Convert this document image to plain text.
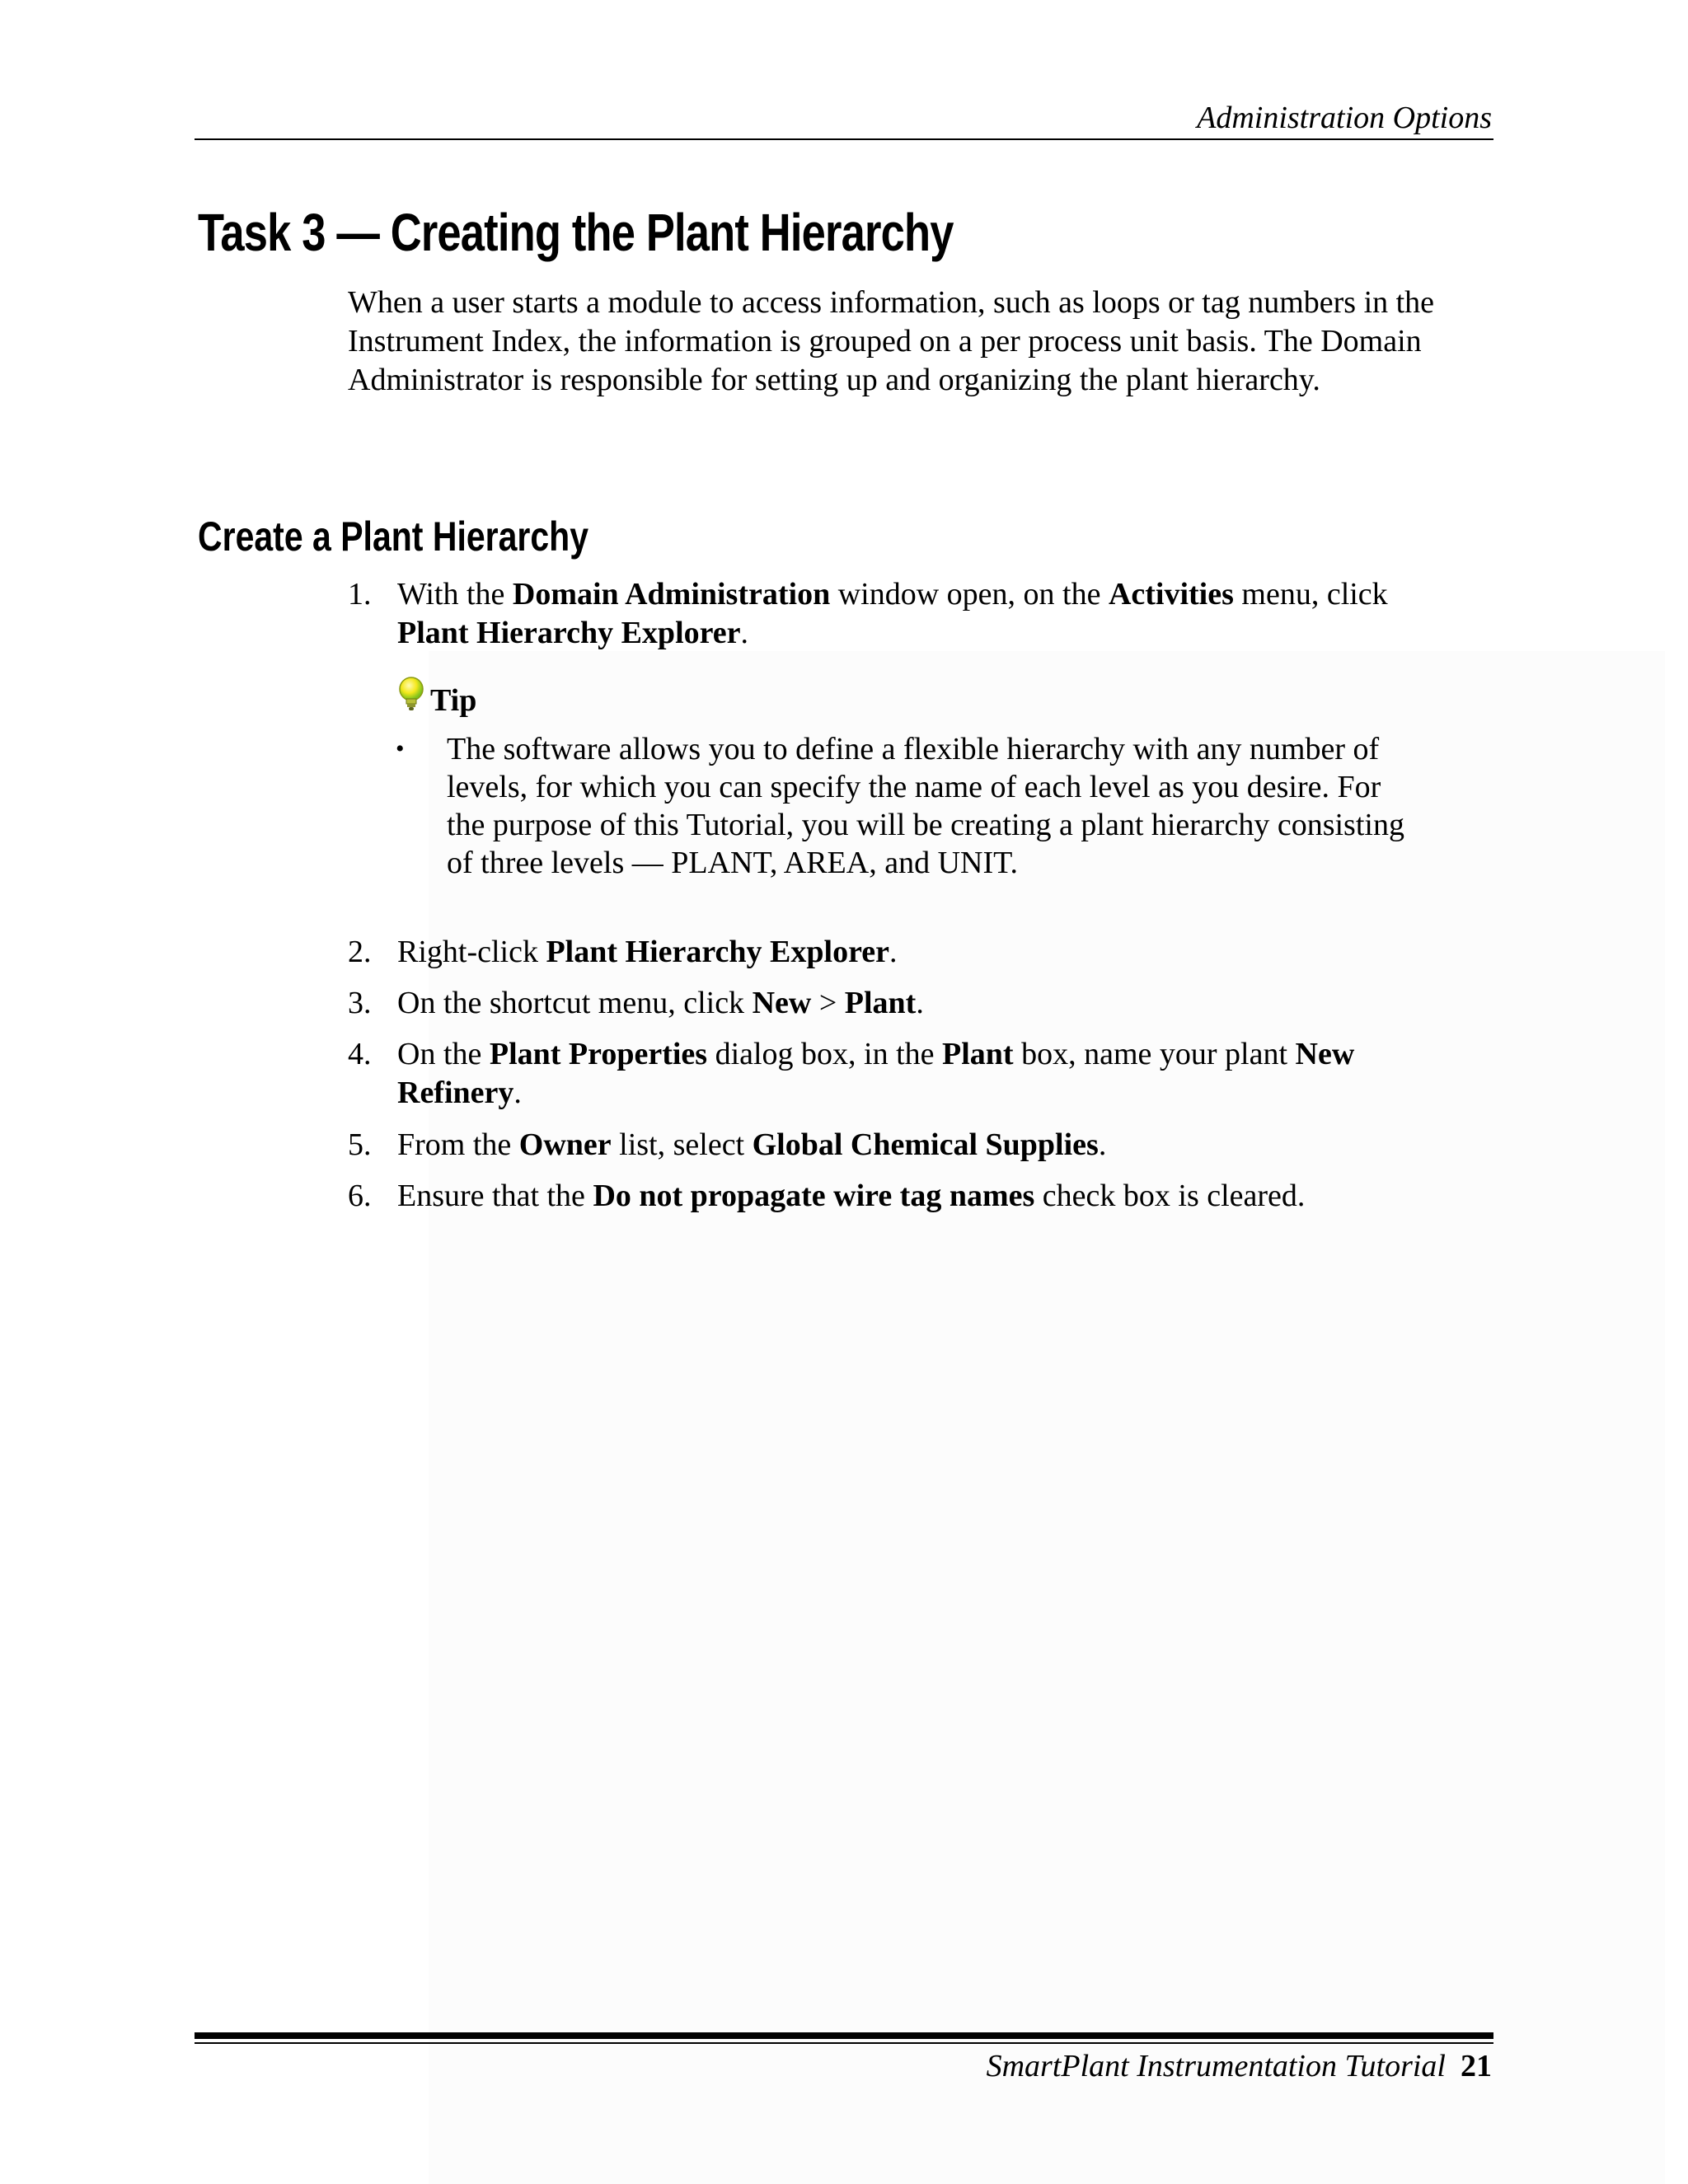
Administration Options
Task 3 — Creating the Plant Hierarchy
When a user starts a module to access information, such as loops or tag numbers in the Instrument Index, the information is grouped on a per process unit basis. The Domain Administrator is responsible for setting up and organizing the plant hierarchy.
Create a Plant Hierarchy
1. With the Domain Administration window open, on the Activities menu, click
Plant Hierarchy Explorer.
Tip
• The software allows you to define a flexible hierarchy with any number of levels, for which you can specify the name of each level as you desire. For the purpose of this Tutorial, you will be creating a plant hierarchy consisting of three levels — PLANT, AREA, and UNIT.
2. Right-click Plant Hierarchy Explorer.
3. On the shortcut menu, click New > Plant.
4. On the Plant Properties dialog box, in the Plant box, name your plant New Refinery.
5. From the Owner list, select Global Chemical Supplies.
6. Ensure that the Do not propagate wire tag names check box is cleared.
SmartPlant Instrumentation Tutorial 21
